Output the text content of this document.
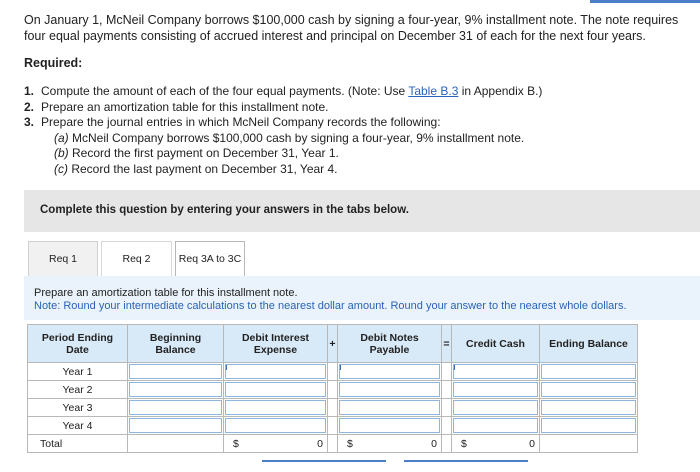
On January 1, McNeil Company borrows $100,000 cash by signing a four-year, 9% installment note. The note requires four equal payments consisting of accrued interest and principal on December 31 of each for the next four years.
Required:
1. Compute the amount of each of the four equal payments. (Note: Use Table B.3 in Appendix B.)
2. Prepare an amortization table for this installment note.
3. Prepare the journal entries in which McNeil Company records the following:
(a) McNeil Company borrows $100,000 cash by signing a four-year, 9% installment note.
(b) Record the first payment on December 31, Year 1.
(c) Record the last payment on December 31, Year 4.
Complete this question by entering your answers in the tabs below.
Req 1	Req 2	Req 3A to 3C
Prepare an amortization table for this installment note.
Note: Round your intermediate calculations to the nearest dollar amount. Round your answer to the nearest whole dollars.
Period Ending Date	Beginning Balance	Debit Interest Expense	+	Debit Notes Payable	=	Credit Cash	Ending Balance
Year 1	

Year 2	

Year 3	

Year 4	

Total		$ 0		$ 0		$ 0	
